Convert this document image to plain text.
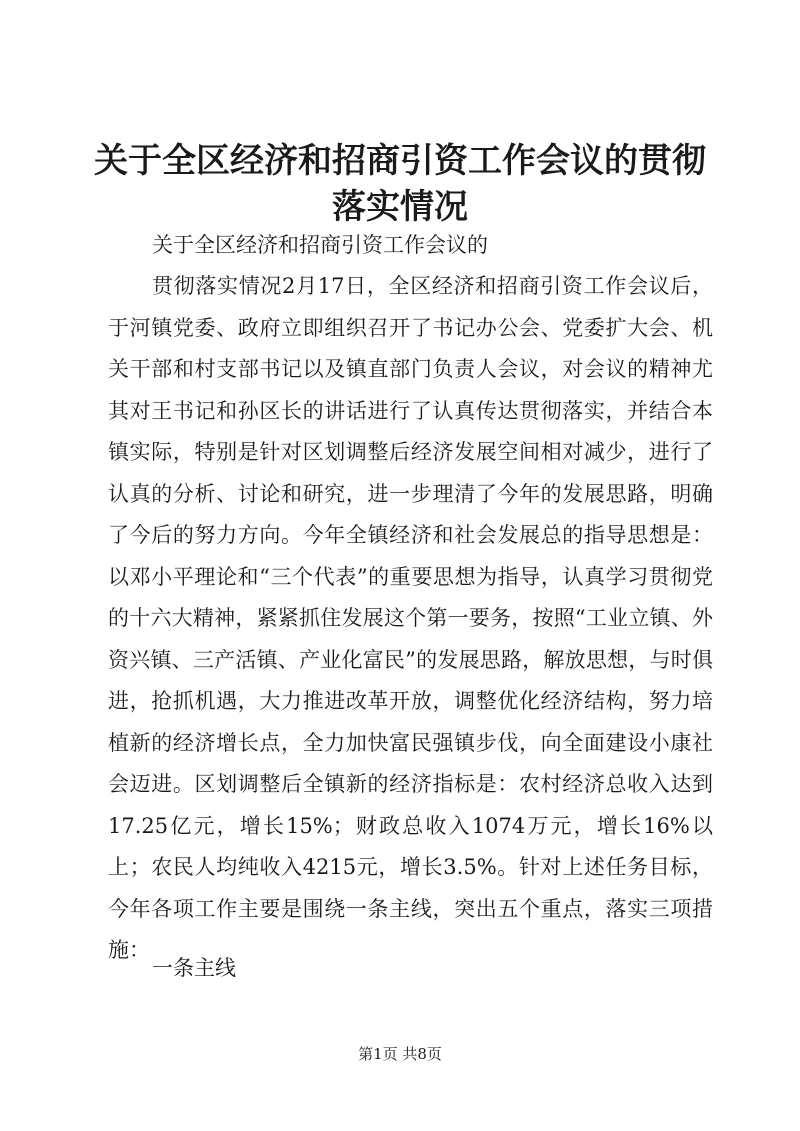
关于全区经济和招商引资工作会议的贯彻落实情况

关于全区经济和招商引资工作会议的

贯彻落实情况2月17日，全区经济和招商引资工作会议后，于河镇党委、政府立即组织召开了书记办公会、党委扩大会、机关干部和村支部书记以及镇直部门负责人会议，对会议的精神尤其对王书记和孙区长的讲话进行了认真传达贯彻落实，并结合本镇实际，特别是针对区划调整后经济发展空间相对减少，进行了认真的分析、讨论和研究，进一步理清了今年的发展思路，明确了今后的努力方向。今年全镇经济和社会发展总的指导思想是：以邓小平理论和“三个代表”的重要思想为指导，认真学习贯彻党的十六大精神，紧紧抓住发展这个第一要务，按照“工业立镇、外资兴镇、三产活镇、产业化富民”的发展思路，解放思想，与时俱进，抢抓机遇，大力推进改革开放，调整优化经济结构，努力培植新的经济增长点，全力加快富民强镇步伐，向全面建设小康社会迈进。区划调整后全镇新的经济指标是：农村经济总收入达到17.25亿元，增长15%；财政总收入1074万元，增长16%以上；农民人均纯收入4215元，增长3.5%。针对上述任务目标，今年各项工作主要是围绕一条主线，突出五个重点，落实三项措施：

一条主线

第1页 共8页
